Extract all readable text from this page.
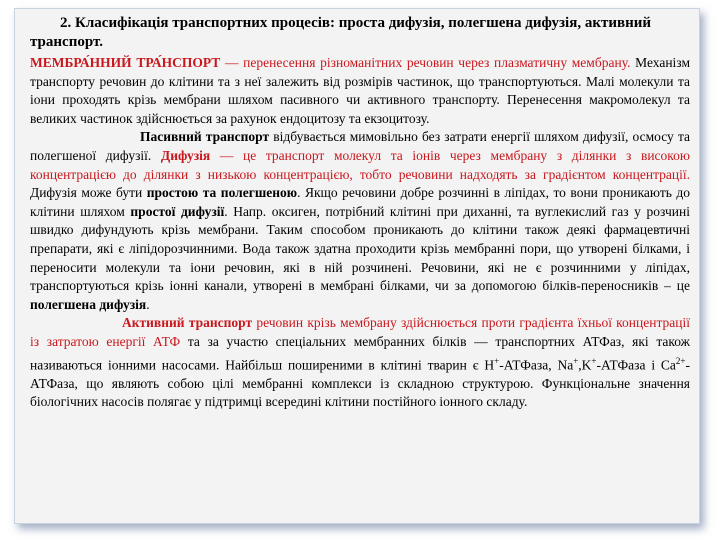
2. Класифікація транспортних процесів: проста дифузія, полегшена дифузія, активний транспорт.

МЕМБРА́ННИЙ ТРА́НСПОРТ — перенесення різноманітних речовин через плазматичну мембрану. Механізм транспорту речовин до клітини та з неї залежить від розмірів частинок, що транспортуються. Малі молекули та іони проходять крізь мембрани шляхом пасивного чи активного транспорту. Перенесення макромолекул та великих частинок здійснюється за рахунок ендоцитозу та екзоцитозу.

Пасивний транспорт відбувається мимовільно без затрати енергії шляхом дифузії, осмосу та полегшеної дифузії. Дифузія — це транспорт молекул та іонів через мембрану з ділянки з високою концентрацією до ділянки з низькою концентрацією, тобто речовини надходять за градієнтом концентрації. Дифузія може бути простою та полегшеною. Якщо речовини добре розчинні в ліпідах, то вони проникають до клітини шляхом простої дифузії. Напр. оксиген, потрібний клітині при диханні, та вуглекислий газ у розчині швидко дифундують крізь мембрани. Таким способом проникають до клітини також деякі фармацевтичні препарати, які є ліпідорозчинними. Вода також здатна проходити крізь мембранні пори, що утворені білками, і переносити молекули та іони речовин, які в ній розчинені. Речовини, які не є розчинними у ліпідах, транспортуються крізь іонні канали, утворені в мембрані білками, чи за допомогою білків-переносників – це полегшена дифузія.

Активний транспорт речовин крізь мембрану здійснюється проти градієнта їхньої концентрації із затратою енергії АТФ та за участю спеціальних мембранних білків — транспортних АТФаз, які також називаються іонними насосами. Найбільш поширеними в клітині тварин є H+-АТФаза, Na+,K+-АТФаза і $Ca^{2+}$-АТФаза, що являють собою цілі мембранні комплекси із складною структурою. Функціональне значення біологічних насосів полягає у підтримці всередині клітини постійного іонного складу.
